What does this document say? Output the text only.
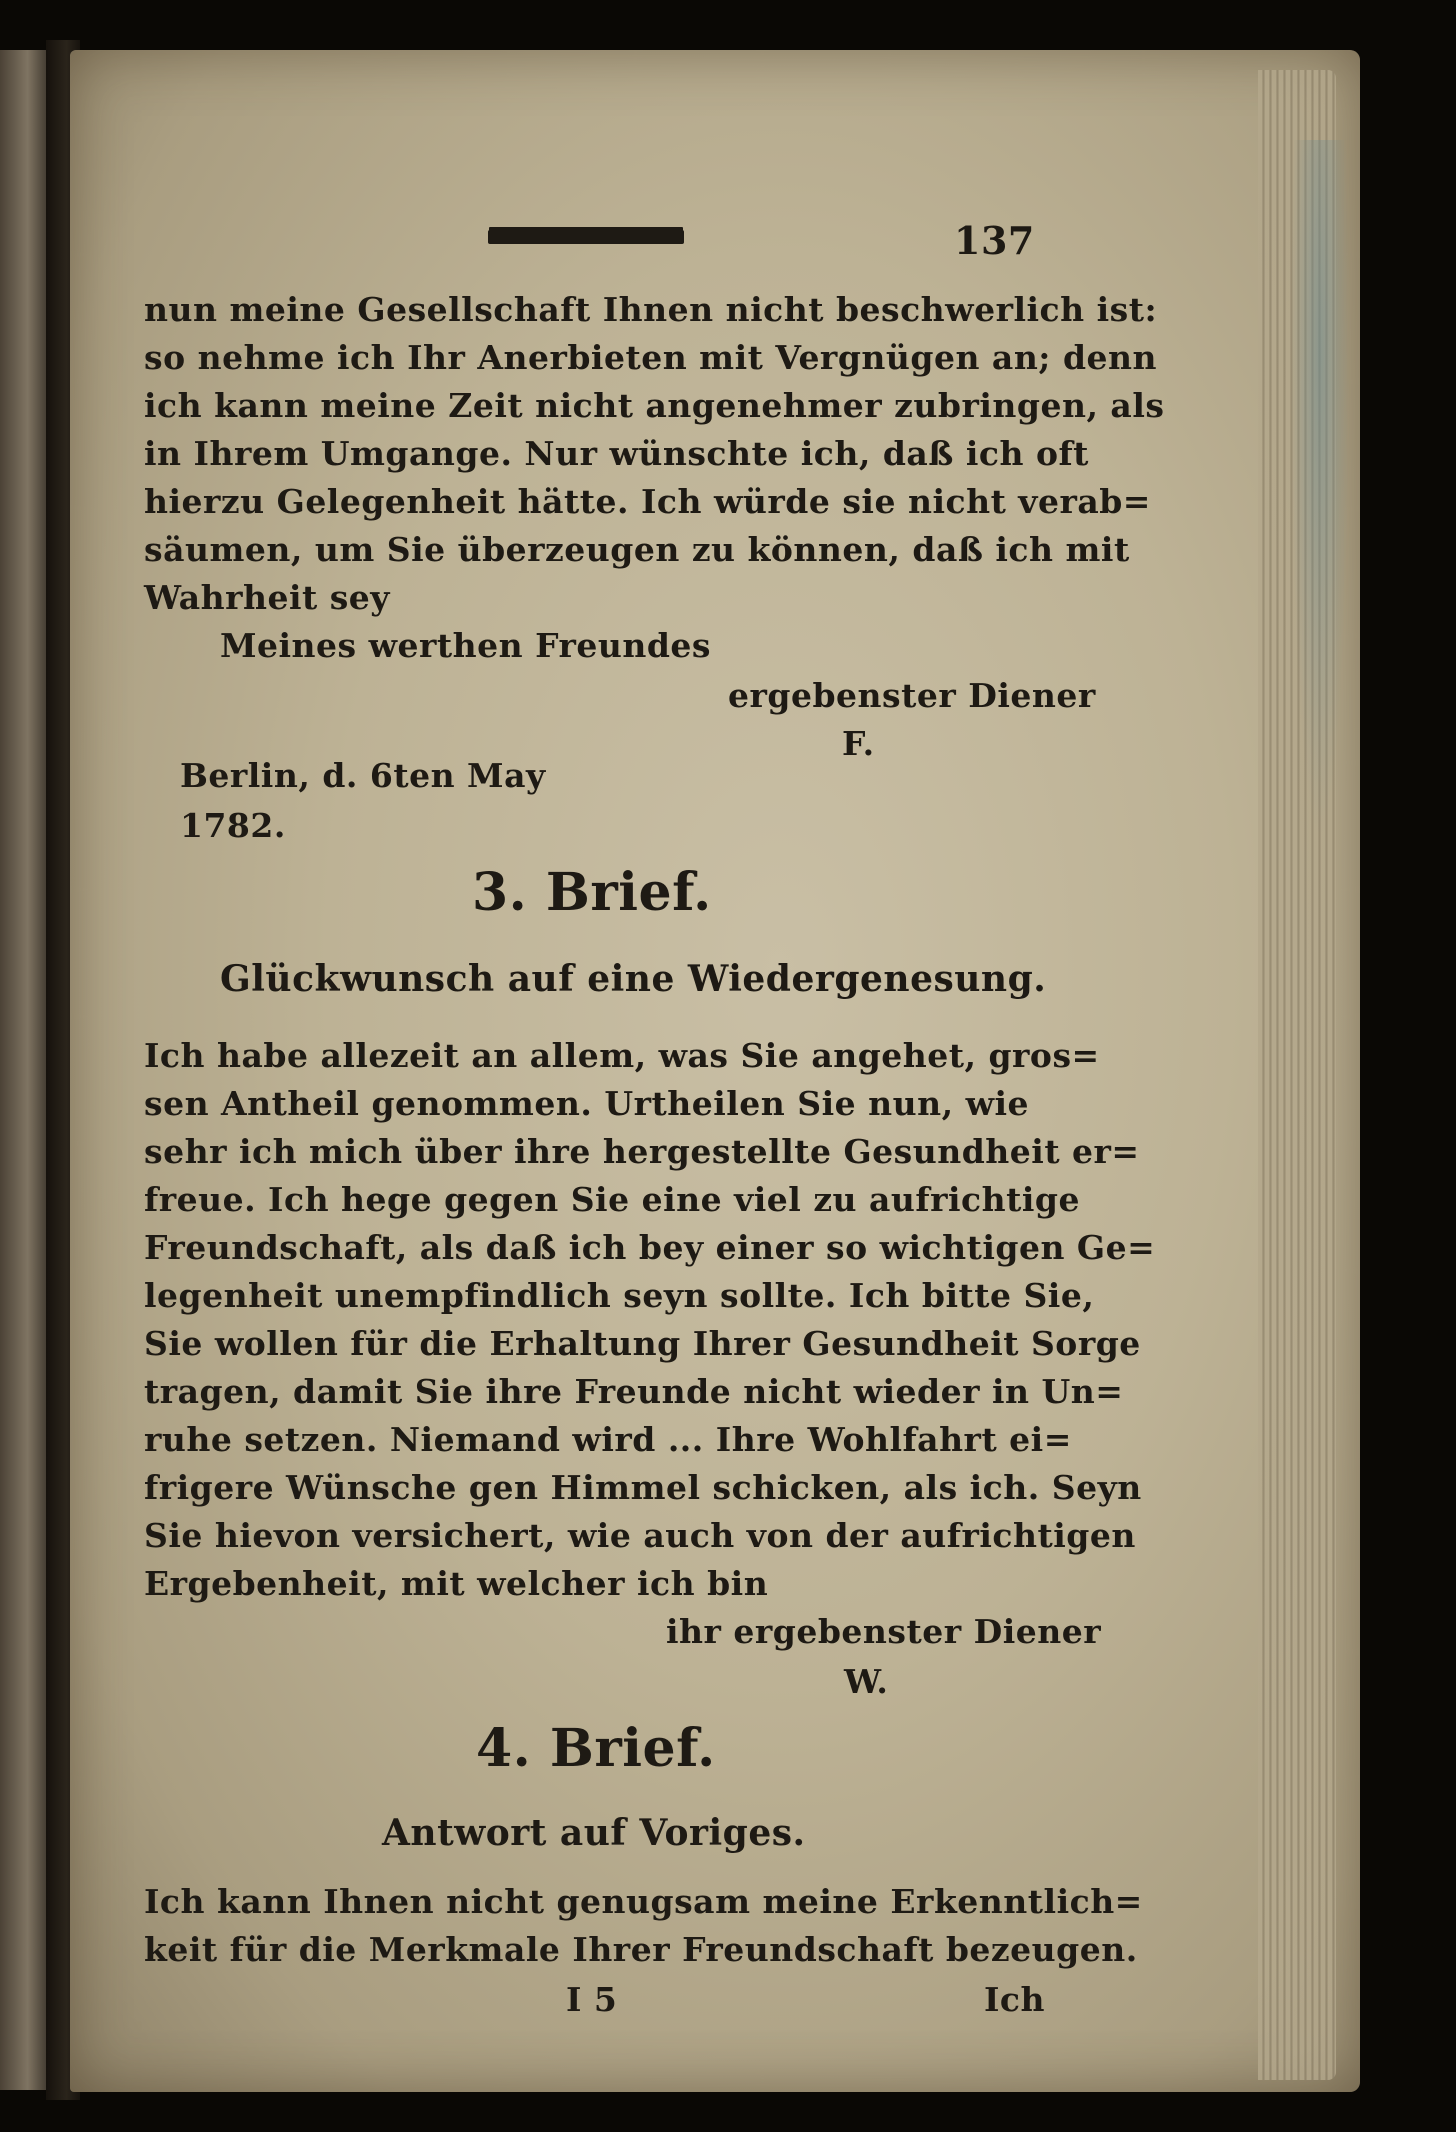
137
nun meine Gesellschaft Ihnen nicht beschwerlich ist:
so nehme ich Ihr Anerbieten mit Vergnügen an; denn
ich kann meine Zeit nicht angenehmer zubringen, als
in Ihrem Umgange. Nur wünschte ich, daß ich oft
hierzu Gelegenheit hätte. Ich würde sie nicht verab=
säumen, um Sie überzeugen zu können, daß ich mit
Wahrheit sey
Meines werthen Freundes
ergebenster Diener
F.
Berlin, d. 6ten May
1782.
3. Brief.
Glückwunsch auf eine Wiedergenesung.
Ich habe allezeit an allem, was Sie angehet, gros=
sen Antheil genommen. Urtheilen Sie nun, wie
sehr ich mich über ihre hergestellte Gesundheit er=
freue. Ich hege gegen Sie eine viel zu aufrichtige
Freundschaft, als daß ich bey einer so wichtigen Ge=
legenheit unempfindlich seyn sollte. Ich bitte Sie,
Sie wollen für die Erhaltung Ihrer Gesundheit Sorge
tragen, damit Sie ihre Freunde nicht wieder in Un=
ruhe setzen. Niemand wird ... Ihre Wohlfahrt ei=
frigere Wünsche gen Himmel schicken, als ich. Seyn
Sie hievon versichert, wie auch von der aufrichtigen
Ergebenheit, mit welcher ich bin
ihr ergebenster Diener
W.
4. Brief.
Antwort auf Voriges.
Ich kann Ihnen nicht genugsam meine Erkenntlich=
keit für die Merkmale Ihrer Freundschaft bezeugen.
I 5	Ich
